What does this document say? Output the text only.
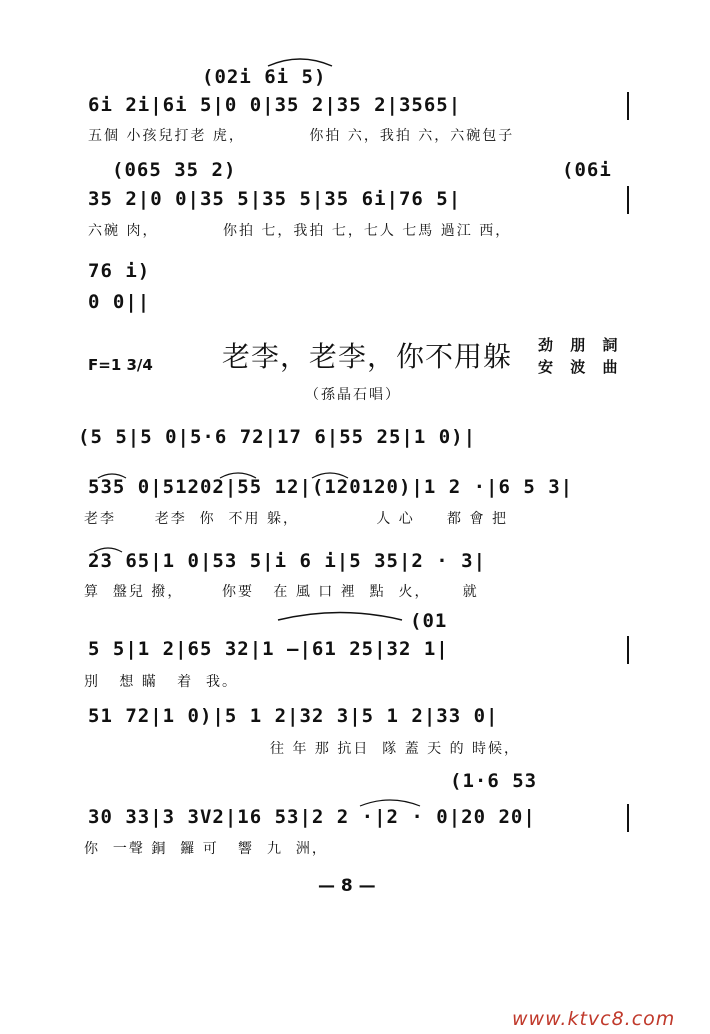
(02i 6i 5)
6i 2i|6i 5|0 0|35 2|35 2|3565|
五個 小孩兒打老 虎，          你拍 六，我拍 六，六碗包子
(065 35 2)	(06i
35 2|0 0|35 5|35 5|35 6i|76 5|
六碗 肉，          你拍 七，我拍 七，七人 七馬 過江 西，
76 i)
0 0||
F=1 3/4 老李，老李，你不用躲 劲 朋 詞
安 波 曲
（孫晶石唱）
(5 5|5 0|5·6 72|17 6|55 25|1 0)|
535 0|51202|55 12|(120120)|1 2 ·|6 5 3|
老李      老李  你  不用 躲，            人 心     都 會 把
23 65|1 0|53 5|i 6 i|5 35|2 · 3|
算  盤兒 撥，      你要   在 風 口 裡  點  火，     就
(01
5 5|1 2|65 32|1 —|61 25|32 1|
別   想 瞞   着  我。
51 72|1 0)|5 1 2|32 3|5 1 2|33 0|
往 年 那 抗日  隊 蓋 天 的 時候，
(1·6 53
30 33|3 3V2|16 53|2 2 ·|2 · 0|20 20|
你  一聲 銅  鑼 可   響  九  洲，
— 8 —
www.ktvc8.com
